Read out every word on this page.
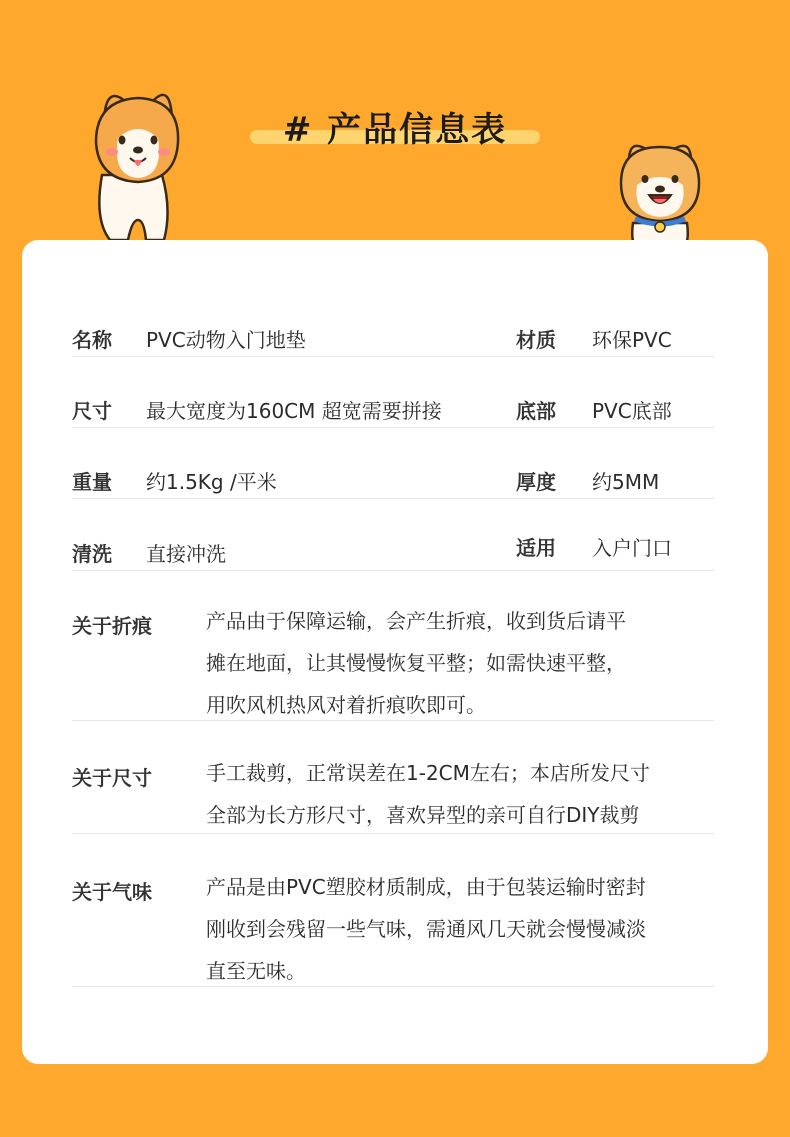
# 产品信息表
名称 PVC动物入门地垫	材质 环保PVC
尺寸 最大宽度为160CM 超宽需要拼接	底部 PVC底部
重量 约1.5Kg /平米	厚度 约5MM
清洗 直接冲洗	适用 入户门口
关于折痕	产品由于保障运输，会产生折痕，收到货后请平
摊在地面，让其慢慢恢复平整；如需快速平整，
用吹风机热风对着折痕吹即可。
关于尺寸	手工裁剪，正常误差在1-2CM左右；本店所发尺寸
全部为长方形尺寸，喜欢异型的亲可自行DIY裁剪
关于气味	产品是由PVC塑胶材质制成，由于包装运输时密封
刚收到会残留一些气味，需通风几天就会慢慢减淡
直至无味。
